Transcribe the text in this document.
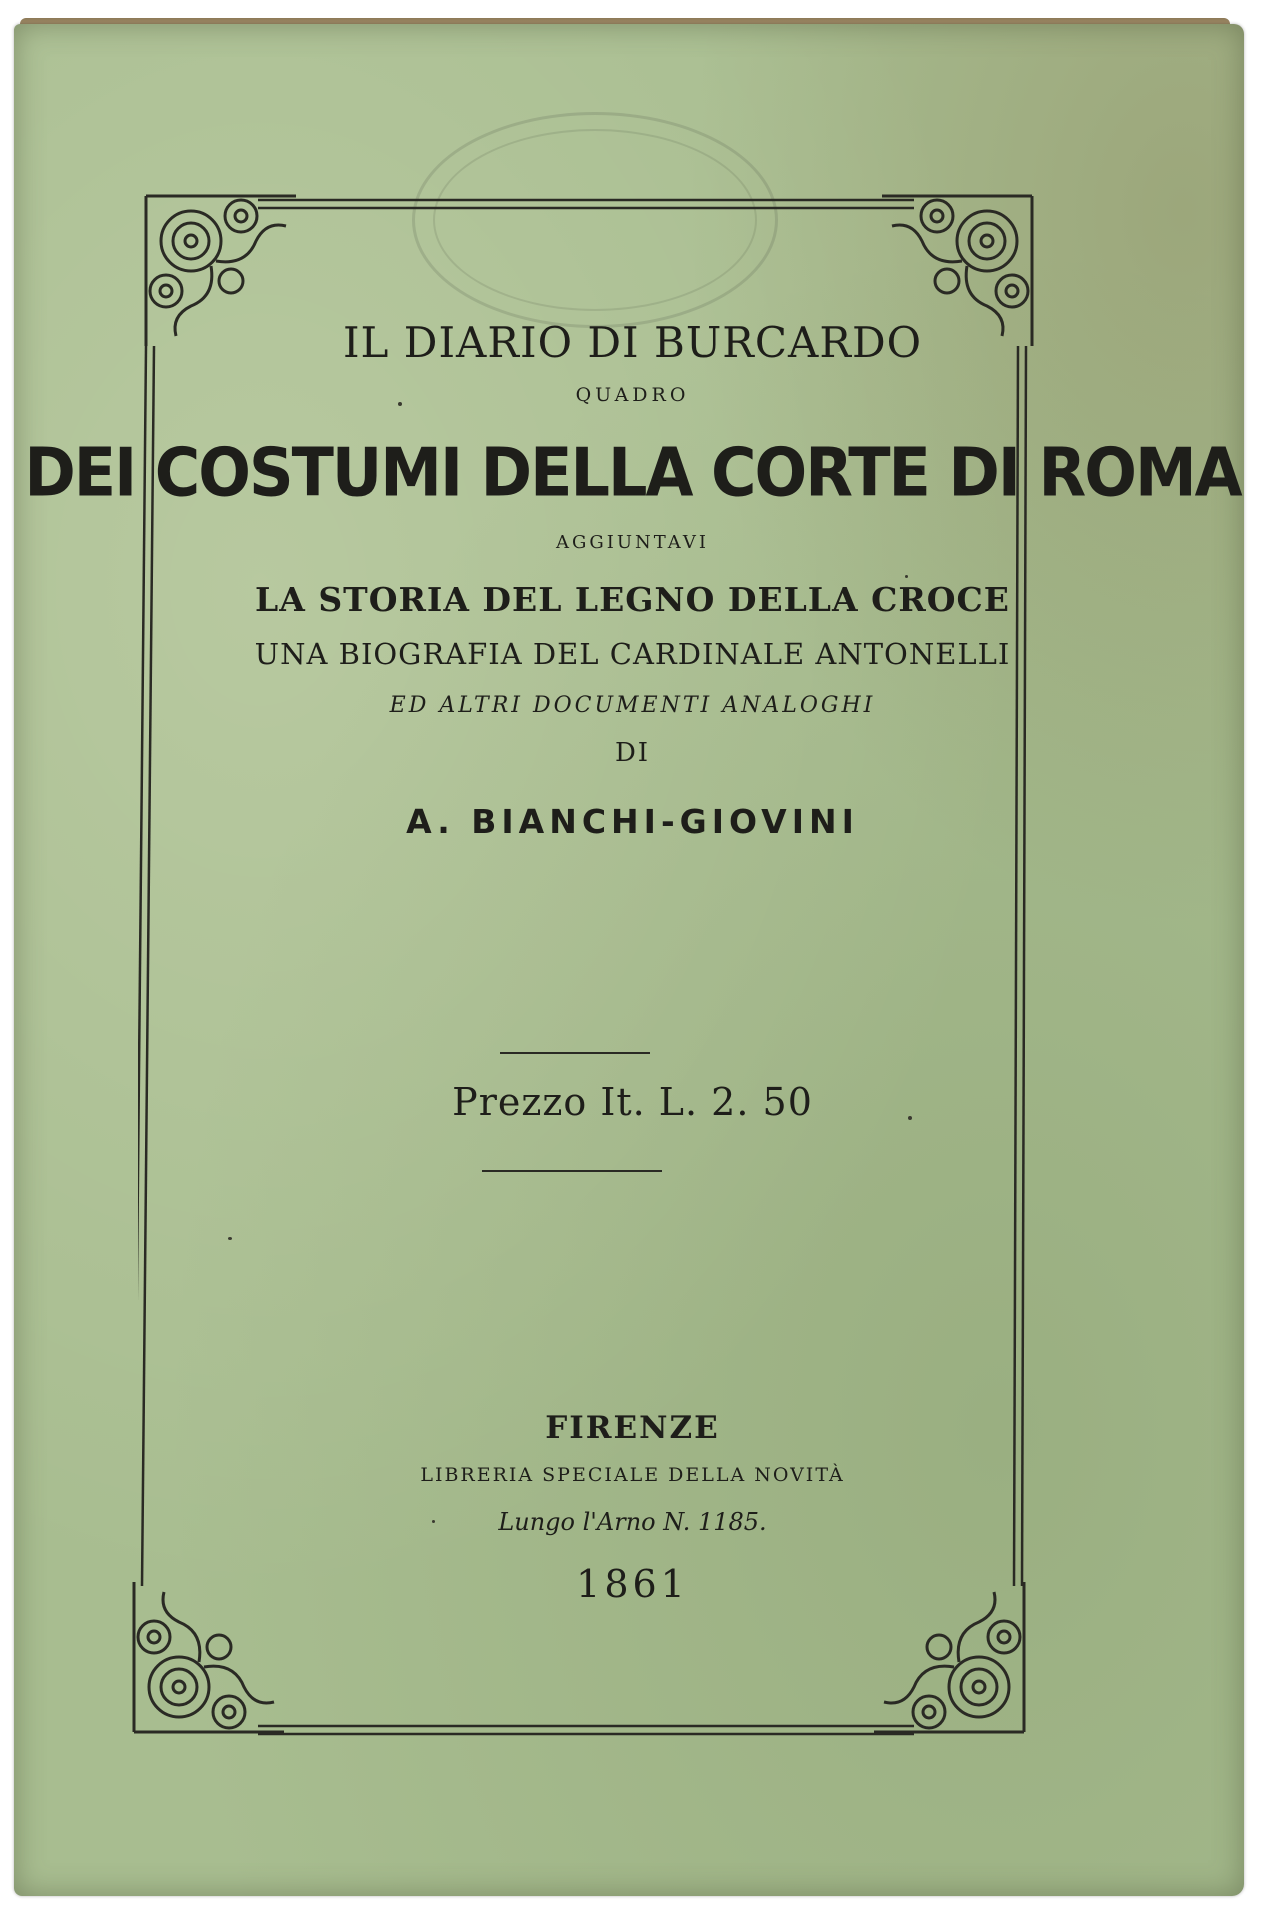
IL DIARIO DI BURCARDO
QUADRO
DEI COSTUMI DELLA CORTE DI ROMA
AGGIUNTAVI
LA STORIA DEL LEGNO DELLA CROCE
UNA BIOGRAFIA DEL CARDINALE ANTONELLI
ED ALTRI DOCUMENTI ANALOGHI
DI
A. BIANCHI-GIOVINI
Prezzo It. L. 2. 50
FIRENZE
LIBRERIA SPECIALE DELLA NOVITÀ
Lungo l'Arno N. 1185.
1861
